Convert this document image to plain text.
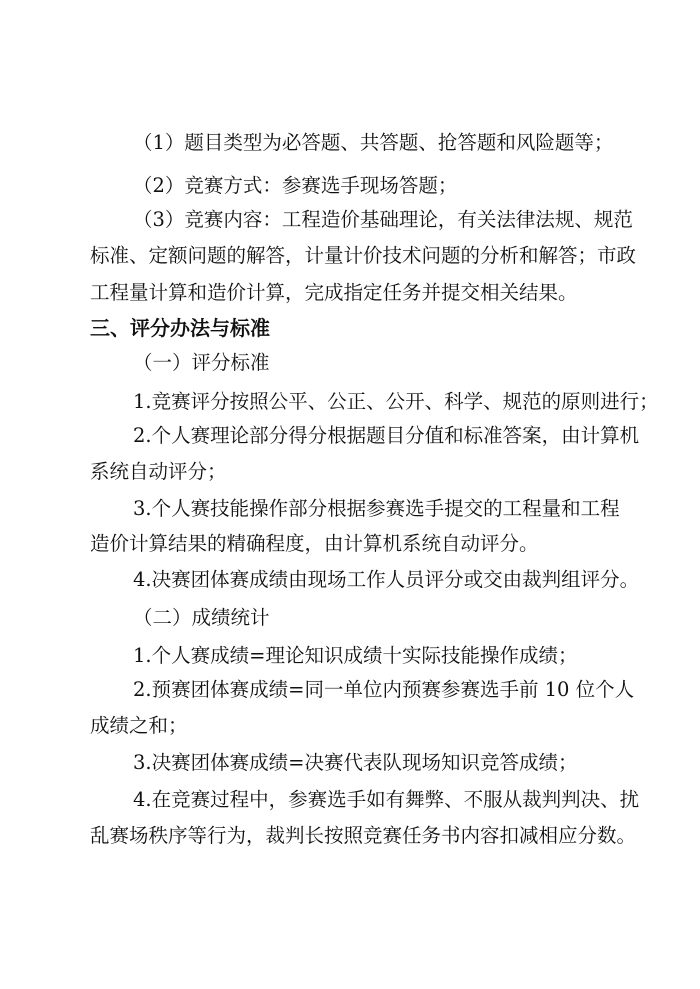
（1）题目类型为必答题、共答题、抢答题和风险题等；
（2）竞赛方式：参赛选手现场答题；
（3）竞赛内容：工程造价基础理论，有关法律法规、规范
标准、定额问题的解答，计量计价技术问题的分析和解答；市政
工程量计算和造价计算，完成指定任务并提交相关结果。
三、评分办法与标准
（一）评分标准
1.竞赛评分按照公平、公正、公开、科学、规范的原则进行；
2.个人赛理论部分得分根据题目分值和标准答案，由计算机
系统自动评分；
3.个人赛技能操作部分根据参赛选手提交的工程量和工程
造价计算结果的精确程度，由计算机系统自动评分。
4.决赛团体赛成绩由现场工作人员评分或交由裁判组评分。
（二）成绩统计
1.个人赛成绩=理论知识成绩十实际技能操作成绩；
2.预赛团体赛成绩=同一单位内预赛参赛选手前 10 位个人
成绩之和；
3.决赛团体赛成绩=决赛代表队现场知识竞答成绩；
4.在竞赛过程中，参赛选手如有舞弊、不服从裁判判决、扰
乱赛场秩序等行为，裁判长按照竞赛任务书内容扣减相应分数。
